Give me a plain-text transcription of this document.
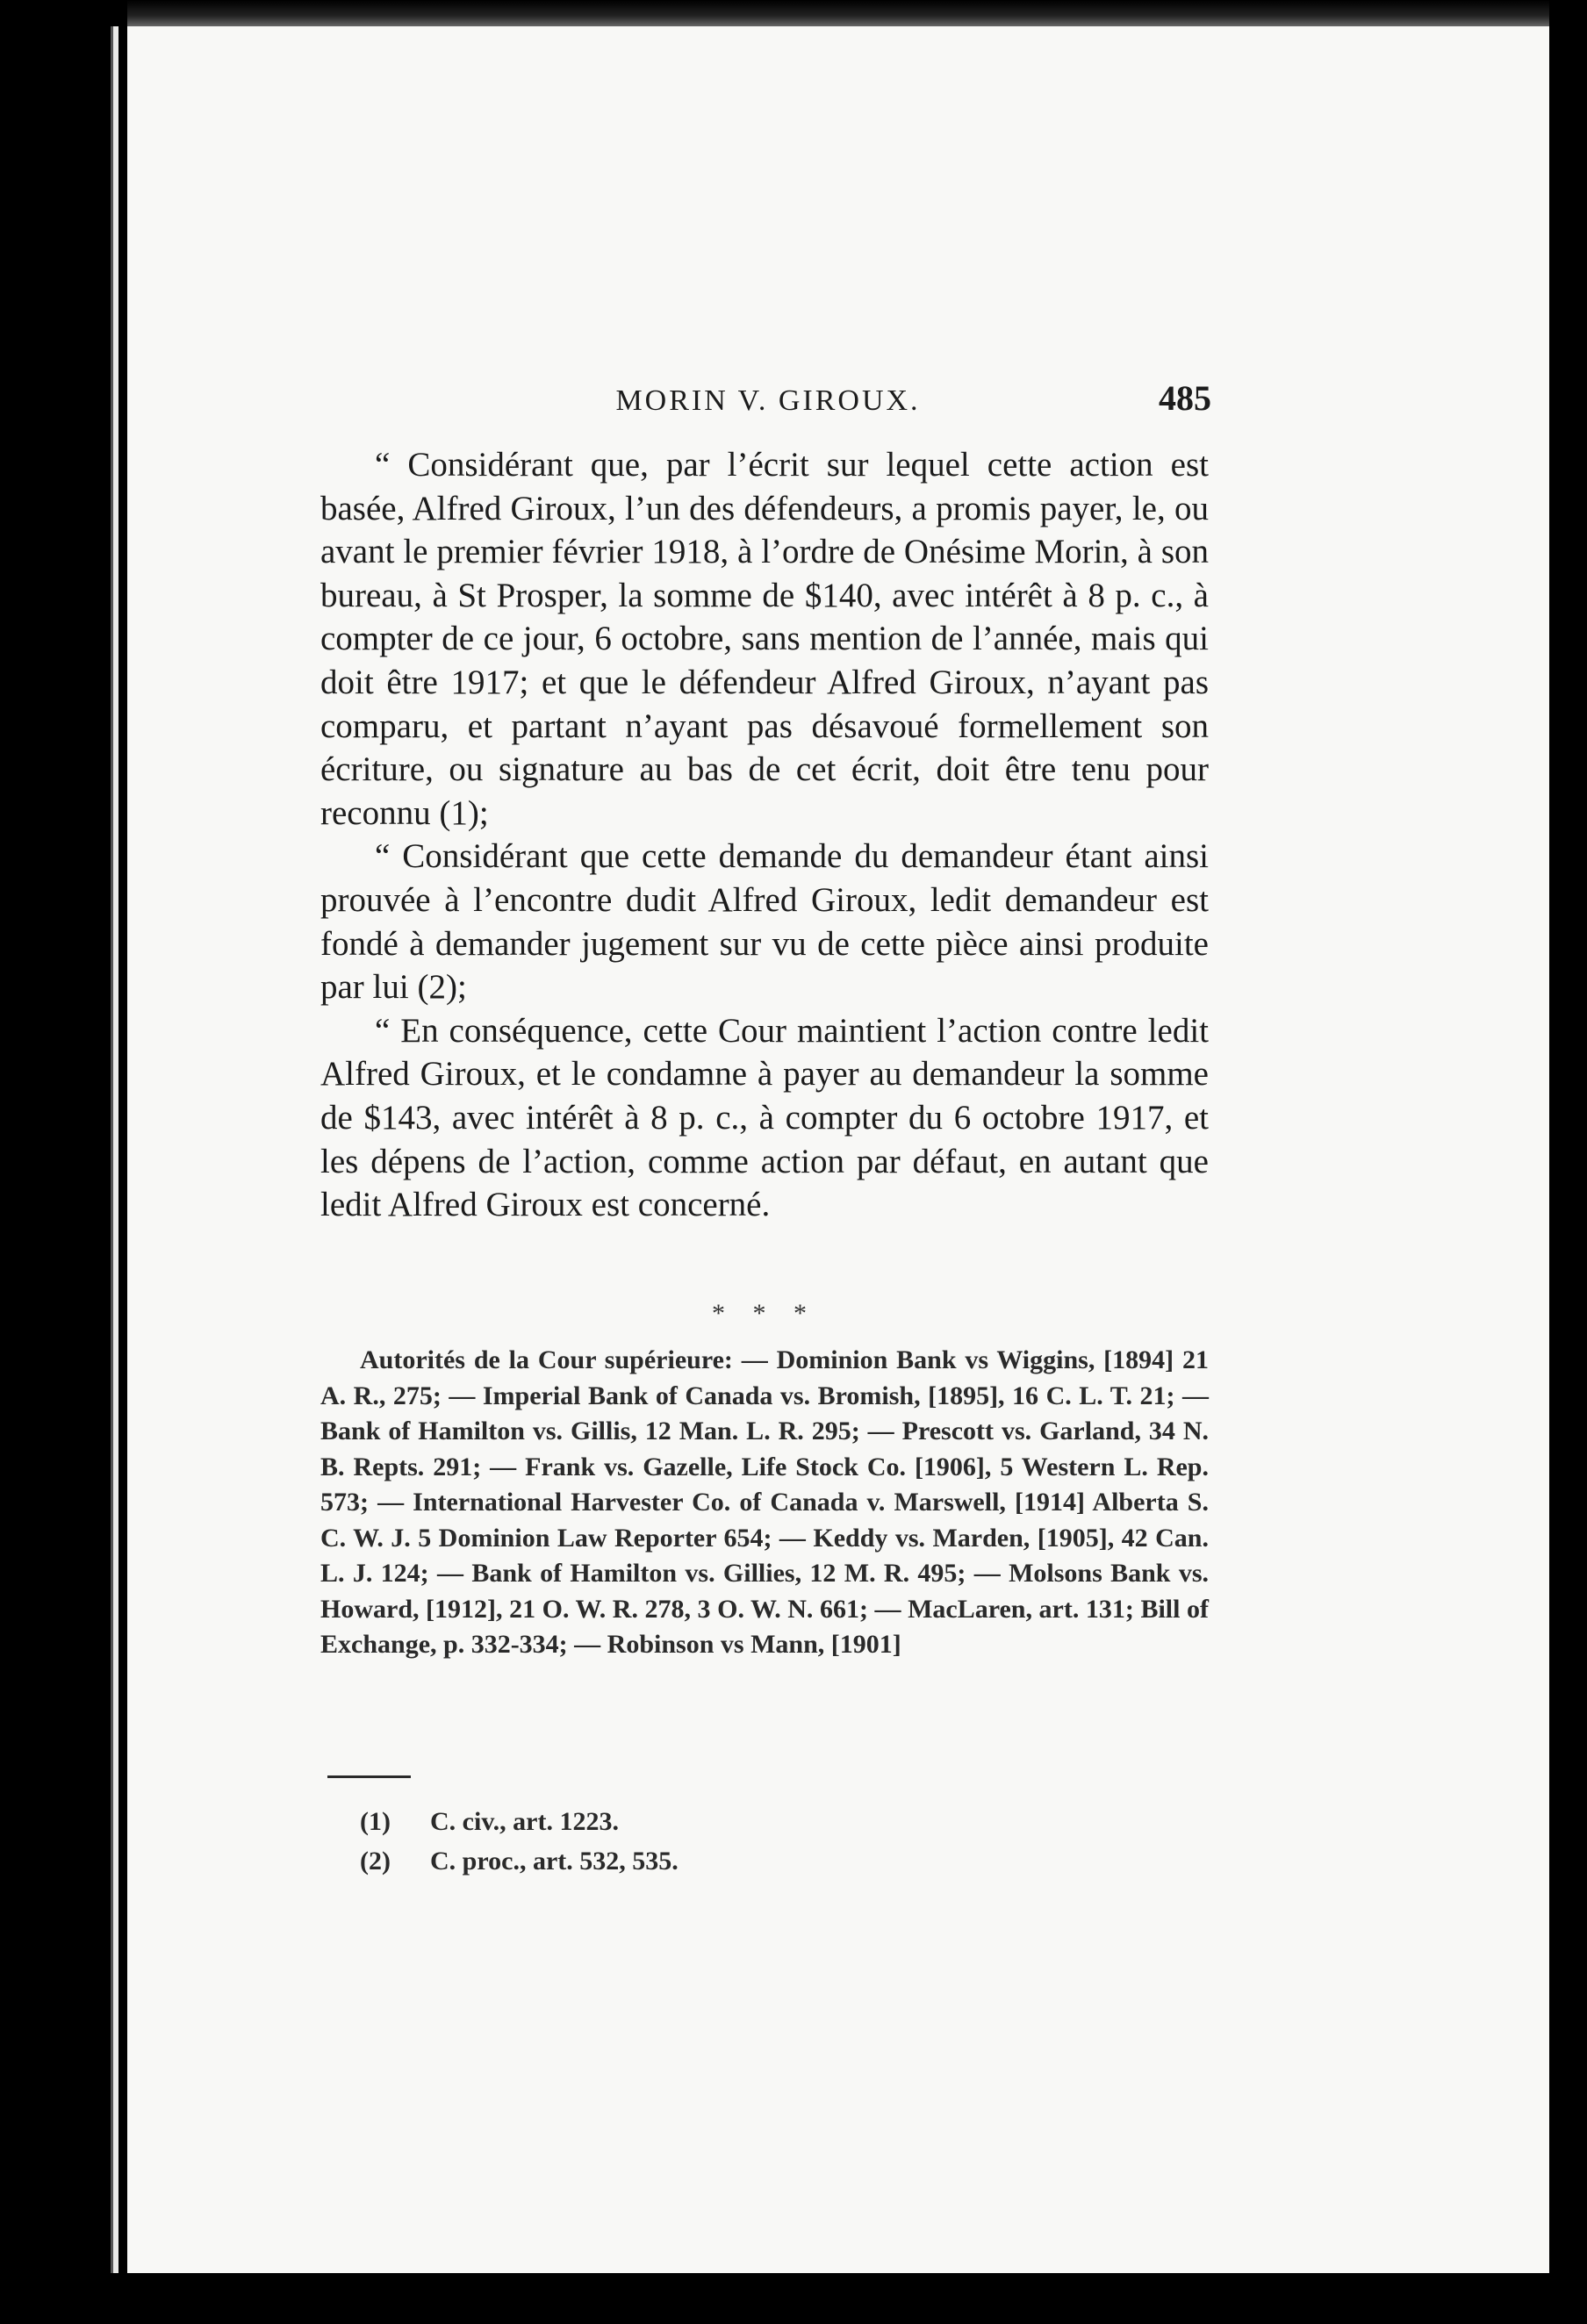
MORIN V. GIROUX.	485

“ Considérant que, par l’écrit sur lequel cette action est basée, Alfred Giroux, l’un des défendeurs, a promis payer, le, ou avant le premier février 1918, à l’ordre de Onésime Morin, à son bureau, à St Prosper, la somme de $140, avec intérêt à 8 p. c., à compter de ce jour, 6 octobre, sans mention de l’année, mais qui doit être 1917; et que le défendeur Alfred Giroux, n’ayant pas comparu, et partant n’ayant pas désavoué formellement son écriture, ou signature au bas de cet écrit, doit être tenu pour reconnu (1);

“ Considérant que cette demande du demandeur étant ainsi prouvée à l’encontre dudit Alfred Giroux, ledit demandeur est fondé à demander jugement sur vu de cette pièce ainsi produite par lui (2);

“ En conséquence, cette Cour maintient l’action contre ledit Alfred Giroux, et le condamne à payer au demandeur la somme de $143, avec intérêt à 8 p. c., à compter du 6 octobre 1917, et les dépens de l’action, comme action par défaut, en autant que ledit Alfred Giroux est concerné.

* * *
Autorités de la Cour supérieure: — Dominion Bank vs Wiggins, [1894] 21 A. R., 275; — Imperial Bank of Canada vs. Bromish, [1895], 16 C. L. T. 21; — Bank of Hamilton vs. Gillis, 12 Man. L. R. 295; — Prescott vs. Garland, 34 N. B. Repts. 291; — Frank vs. Gazelle, Life Stock Co. [1906], 5 Western L. Rep. 573; — International Harvester Co. of Canada v. Marswell, [1914] Alberta S. C. W. J. 5 Dominion Law Reporter 654; — Keddy vs. Marden, [1905], 42 Can. L. J. 124; — Bank of Hamilton vs. Gillies, 12 M. R. 495; — Molsons Bank vs. Howard, [1912], 21 O. W. R. 278, 3 O. W. N. 661; — MacLaren, art. 131; Bill of Exchange, p. 332-334; — Robinson vs Mann, [1901]
(1) C. civ., art. 1223.
(2) C. proc., art. 532, 535.
